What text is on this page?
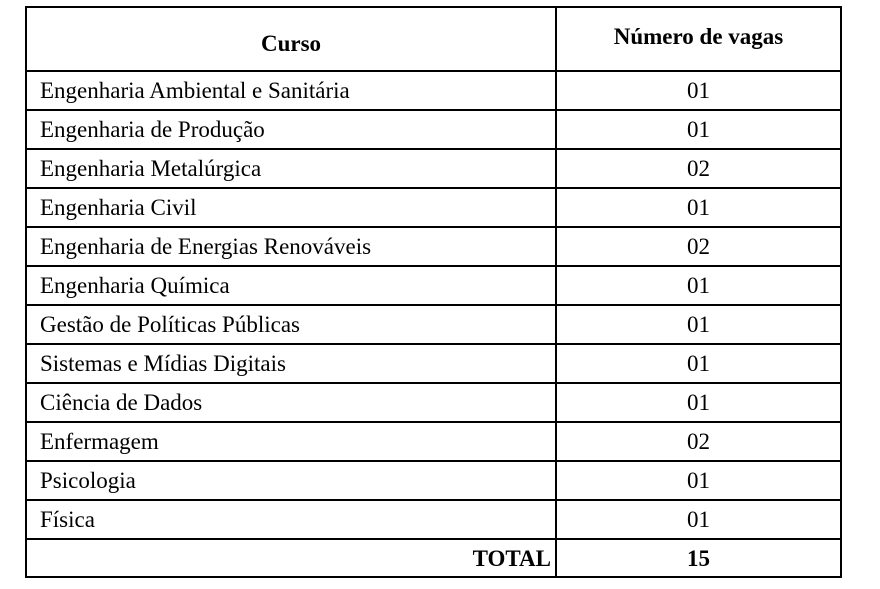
Curso	Número de vagas
Engenharia Ambiental e Sanitária	01
Engenharia de Produção	01
Engenharia Metalúrgica	02
Engenharia Civil	01
Engenharia de Energias Renováveis	02
Engenharia Química	01
Gestão de Políticas Públicas	01
Sistemas e Mídias Digitais	01
Ciência de Dados	01
Enfermagem	02
Psicologia	01
Física	01
TOTAL	15
